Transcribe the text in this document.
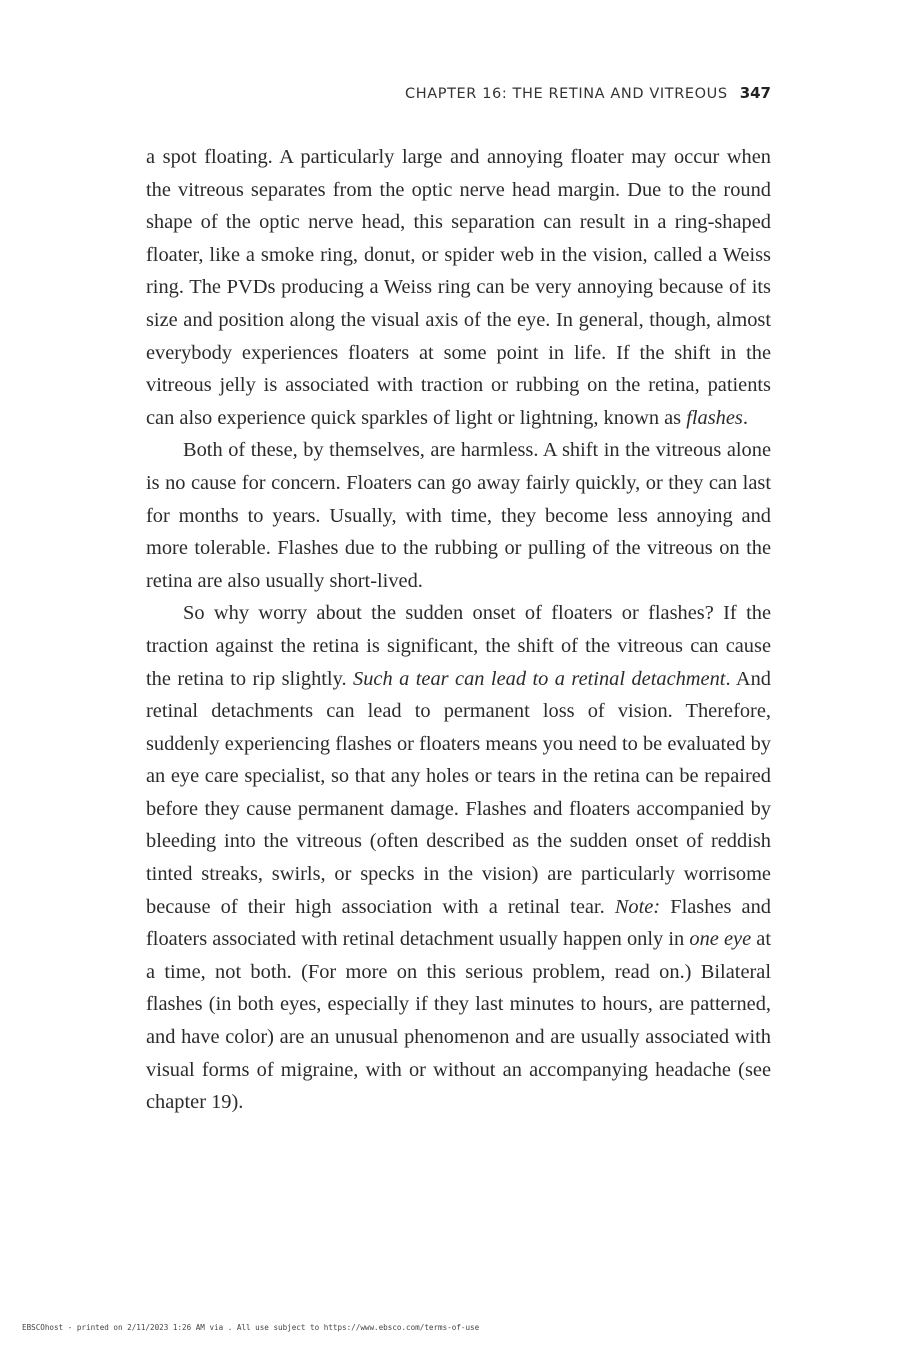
CHAPTER 16: THE RETINA AND VITREOUS 347

a spot floating. A particularly large and annoying floater may occur when the vitreous separates from the optic nerve head margin. Due to the round shape of the optic nerve head, this separation can result in a ring-shaped floater, like a smoke ring, donut, or spider web in the vision, called a Weiss ring. The PVDs producing a Weiss ring can be very annoying because of its size and position along the visual axis of the eye. In general, though, almost everybody experiences floaters at some point in life. If the shift in the vitreous jelly is associated with traction or rubbing on the retina, patients can also experience quick sparkles of light or lightning, known as flashes.

Both of these, by themselves, are harmless. A shift in the vitreous alone is no cause for concern. Floaters can go away fairly quickly, or they can last for months to years. Usually, with time, they become less annoying and more tolerable. Flashes due to the rubbing or pulling of the vitreous on the retina are also usually short-lived.

So why worry about the sudden onset of floaters or flashes? If the traction against the retina is significant, the shift of the vitreous can cause the retina to rip slightly. Such a tear can lead to a retinal detachment. And retinal detachments can lead to permanent loss of vision. Therefore, suddenly experiencing flashes or floaters means you need to be evaluated by an eye care specialist, so that any holes or tears in the retina can be repaired before they cause permanent damage. Flashes and floaters accompanied by bleeding into the vitreous (often described as the sudden onset of reddish tinted streaks, swirls, or specks in the vision) are particularly worrisome because of their high association with a retinal tear. Note: Flashes and floaters associated with retinal detachment usually happen only in one eye at a time, not both. (For more on this serious problem, read on.) Bilateral flashes (in both eyes, especially if they last minutes to hours, are patterned, and have color) are an unusual phenomenon and are usually associated with visual forms of migraine, with or without an accompanying headache (see chapter 19).

EBSCOhost - printed on 2/11/2023 1:26 AM via . All use subject to https://www.ebsco.com/terms-of-use
